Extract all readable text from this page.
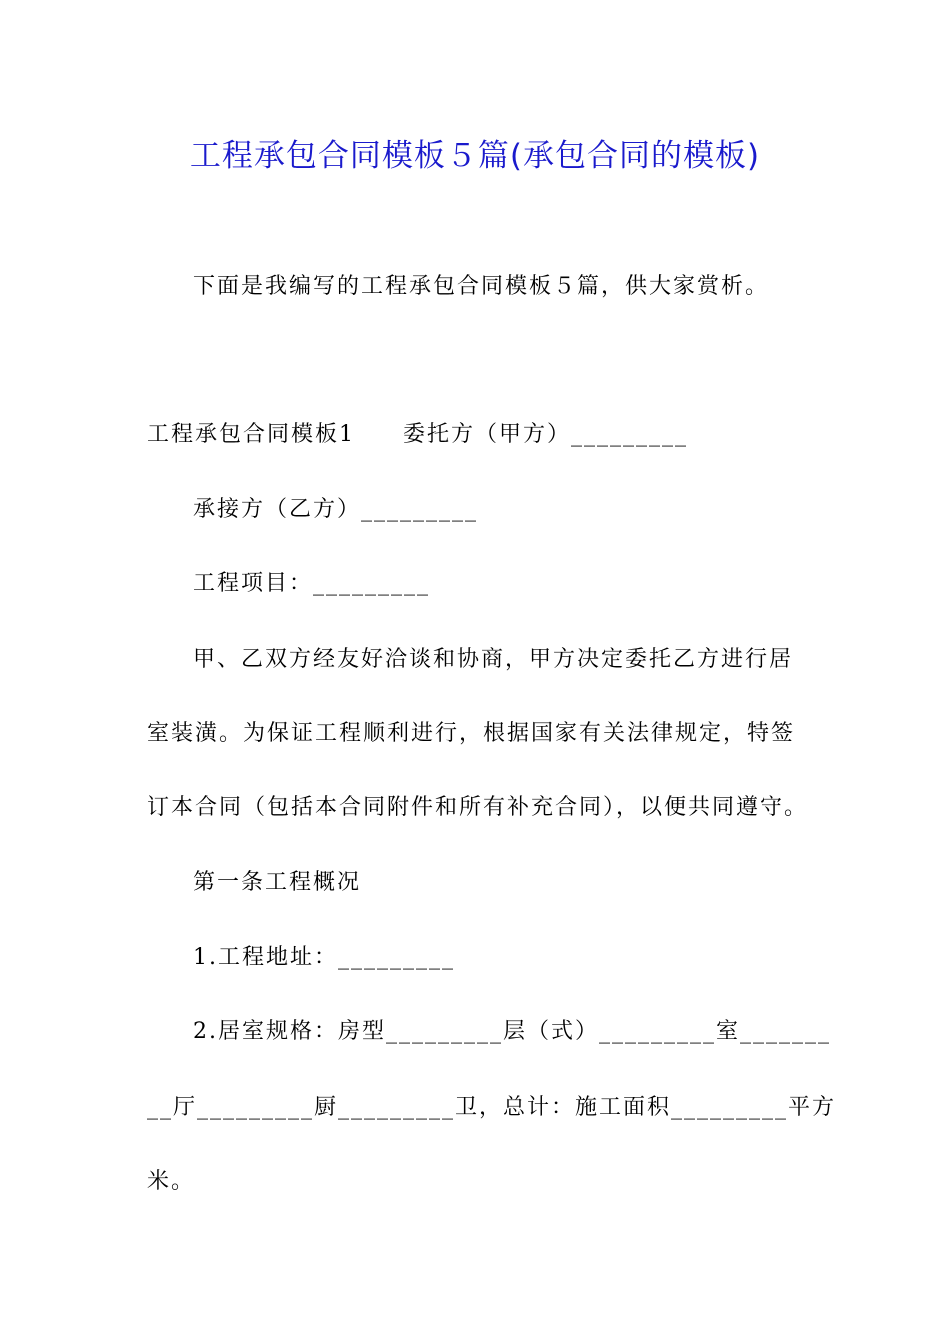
工程承包合同模板５篇(承包合同的模板)
下面是我编写的工程承包合同模板５篇，供大家赏析。
工程承包合同模板1　　委托方（甲方）_________
承接方（乙方）_________
工程项目：_________
甲、乙双方经友好洽谈和协商，甲方决定委托乙方进行居
室装潢。为保证工程顺利进行，根据国家有关法律规定，特签
订本合同（包括本合同附件和所有补充合同），以便共同遵守。
第一条工程概况
1.工程地址：_________
2.居室规格：房型_________层（式）_________室_______
__厅_________厨_________卫，总计：施工面积_________平方
米。
